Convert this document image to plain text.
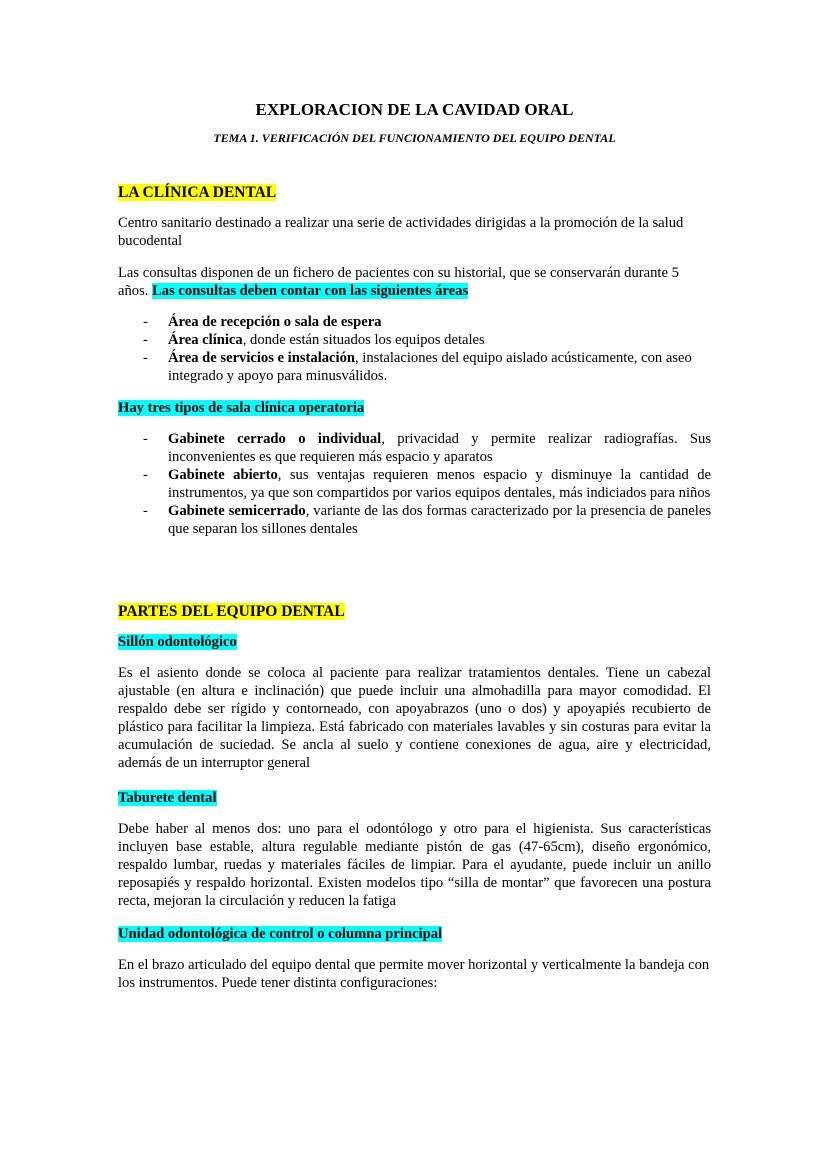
EXPLORACION DE LA CAVIDAD ORAL
TEMA 1. VERIFICACIÓN DEL FUNCIONAMIENTO DEL EQUIPO DENTAL
LA CLÍNICA DENTAL

Centro sanitario destinado a realizar una serie de actividades dirigidas a la promoción de la salud bucodental

Las consultas disponen de un fichero de pacientes con su historial, que se conservarán durante 5 años. Las consultas deben contar con las siguientes áreas

- Área de recepción o sala de espera
- Área clínica, donde están situados los equipos detales
- Área de servicios e instalación, instalaciones del equipo aislado acústicamente, con aseo integrado y apoyo para minusválidos.
Hay tres tipos de sala clínica operatoria
- Gabinete cerrado o individual, privacidad y permite realizar radiografías. Sus inconvenientes es que requieren más espacio y aparatos
- Gabinete abierto, sus ventajas requieren menos espacio y disminuye la cantidad de instrumentos, ya que son compartidos por varios equipos dentales, más indiciados para niños
- Gabinete semicerrado, variante de las dos formas caracterizado por la presencia de paneles que separan los sillones dentales
PARTES DEL EQUIPO DENTAL
Sillón odontológico

Es el asiento donde se coloca al paciente para realizar tratamientos dentales. Tiene un cabezal ajustable (en altura e inclinación) que puede incluir una almohadilla para mayor comodidad. El respaldo debe ser rígido y contorneado, con apoyabrazos (uno o dos) y apoyapiés recubierto de plástico para facilitar la limpieza. Está fabricado con materiales lavables y sin costuras para evitar la acumulación de suciedad. Se ancla al suelo y contiene conexiones de agua, aire y electricidad, además de un interruptor general

Taburete dental

Debe haber al menos dos: uno para el odontólogo y otro para el higienista. Sus características incluyen base estable, altura regulable mediante pistón de gas (47-65cm), diseño ergonómico, respaldo lumbar, ruedas y materiales fáciles de limpiar. Para el ayudante, puede incluir un anillo reposapiés y respaldo horizontal. Existen modelos tipo “silla de montar” que favorecen una postura recta, mejoran la circulación y reducen la fatiga

Unidad odontológica de control o columna principal

En el brazo articulado del equipo dental que permite mover horizontal y verticalmente la bandeja con los instrumentos. Puede tener distinta configuraciones:
